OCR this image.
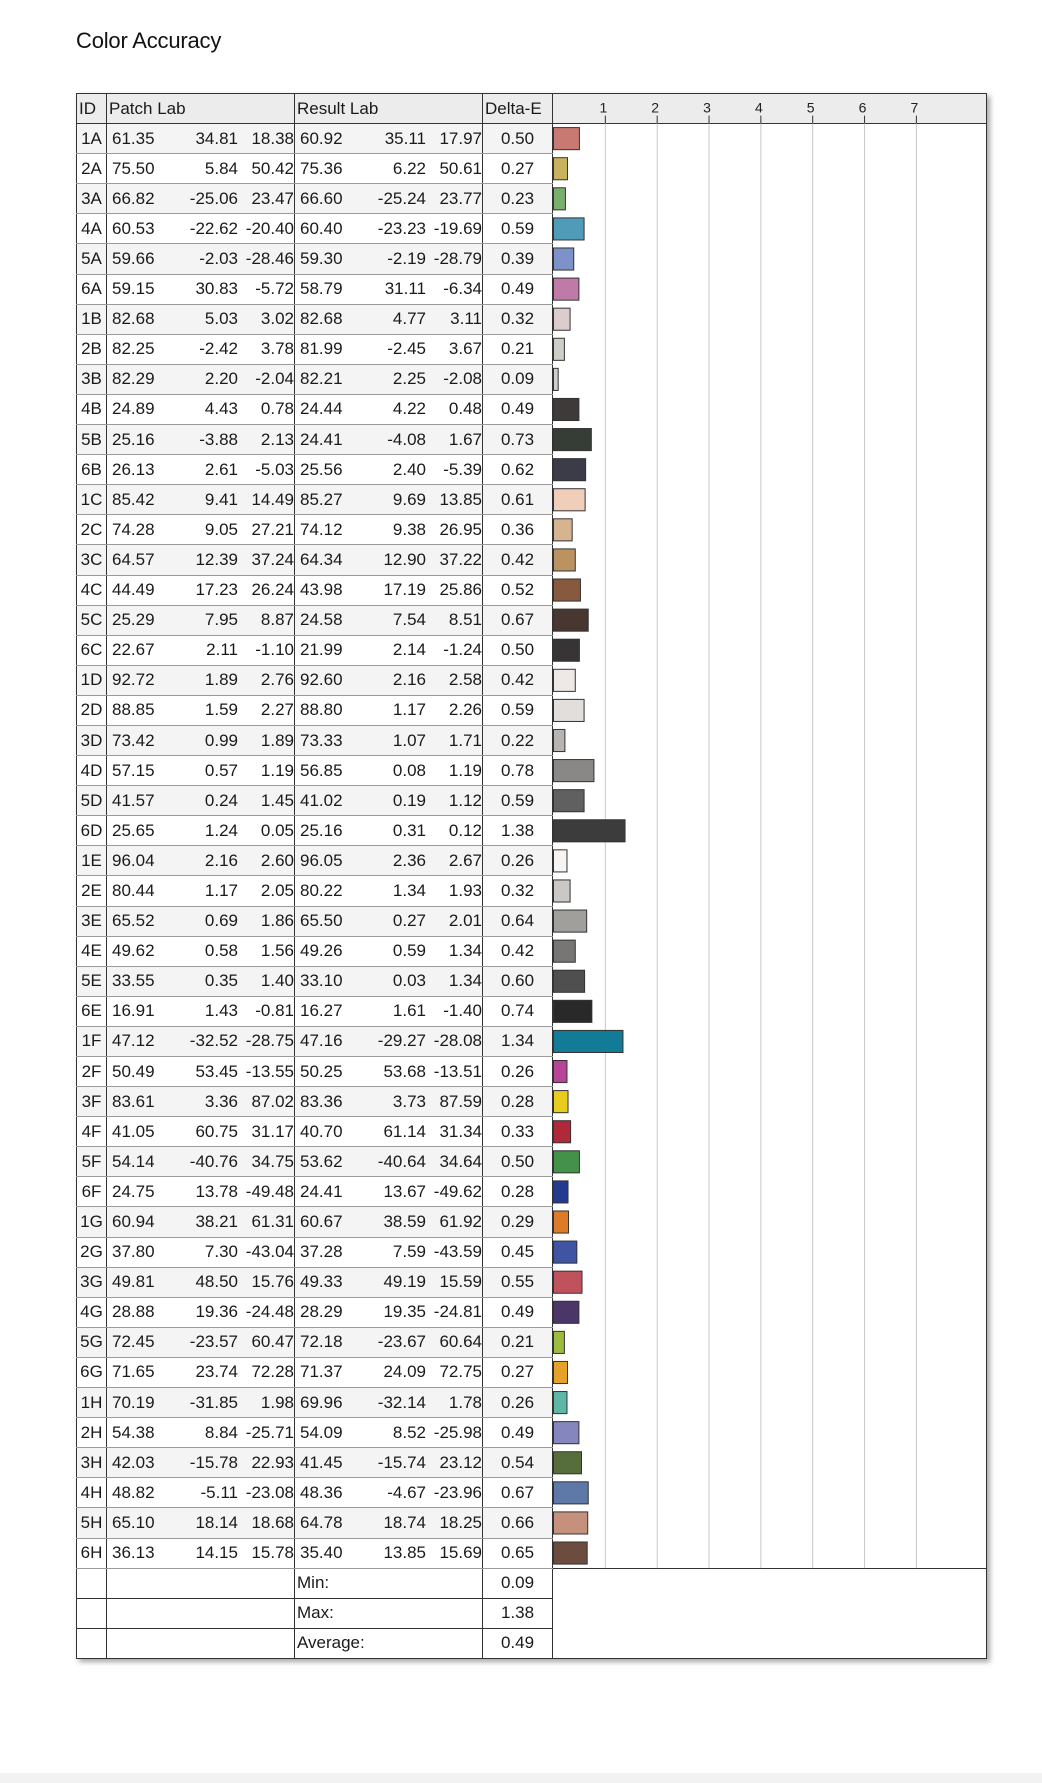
Color Accuracy
ID	Patch Lab	Result Lab	Delta-E	
1A	61.35 34.81 18.38	60.92 35.11 17.97	0.50	
2A	75.50 5.84 50.42	75.36 6.22 50.61	0.27	
3A	66.82 -25.06 23.47	66.60 -25.24 23.77	0.23	
4A	60.53 -22.62 -20.40	60.40 -23.23 -19.69	0.59	
5A	59.66 -2.03 -28.46	59.30 -2.19 -28.79	0.39	
6A	59.15 30.83 -5.72	58.79 31.11 -6.34	0.49	
1B	82.68 5.03 3.02	82.68 4.77 3.11	0.32	
2B	82.25 -2.42 3.78	81.99 -2.45 3.67	0.21	
3B	82.29 2.20 -2.04	82.21 2.25 -2.08	0.09	
4B	24.89 4.43 0.78	24.44 4.22 0.48	0.49	
5B	25.16 -3.88 2.13	24.41 -4.08 1.67	0.73	
6B	26.13 2.61 -5.03	25.56 2.40 -5.39	0.62	
1C	85.42 9.41 14.49	85.27 9.69 13.85	0.61	
2C	74.28 9.05 27.21	74.12 9.38 26.95	0.36	
3C	64.57 12.39 37.24	64.34 12.90 37.22	0.42	
4C	44.49 17.23 26.24	43.98 17.19 25.86	0.52	
5C	25.29 7.95 8.87	24.58 7.54 8.51	0.67	
6C	22.67 2.11 -1.10	21.99 2.14 -1.24	0.50	
1D	92.72 1.89 2.76	92.60 2.16 2.58	0.42	
2D	88.85 1.59 2.27	88.80 1.17 2.26	0.59	
3D	73.42 0.99 1.89	73.33 1.07 1.71	0.22	
4D	57.15 0.57 1.19	56.85 0.08 1.19	0.78	
5D	41.57 0.24 1.45	41.02 0.19 1.12	0.59	
6D	25.65 1.24 0.05	25.16 0.31 0.12	1.38	
1E	96.04 2.16 2.60	96.05 2.36 2.67	0.26	
2E	80.44 1.17 2.05	80.22 1.34 1.93	0.32	
3E	65.52 0.69 1.86	65.50 0.27 2.01	0.64	
4E	49.62 0.58 1.56	49.26 0.59 1.34	0.42	
5E	33.55 0.35 1.40	33.10 0.03 1.34	0.60	
6E	16.91 1.43 -0.81	16.27 1.61 -1.40	0.74	
1F	47.12 -32.52 -28.75	47.16 -29.27 -28.08	1.34	
2F	50.49 53.45 -13.55	50.25 53.68 -13.51	0.26	
3F	83.61 3.36 87.02	83.36 3.73 87.59	0.28	
4F	41.05 60.75 31.17	40.70 61.14 31.34	0.33	
5F	54.14 -40.76 34.75	53.62 -40.64 34.64	0.50	
6F	24.75 13.78 -49.48	24.41 13.67 -49.62	0.28	
1G	60.94 38.21 61.31	60.67 38.59 61.92	0.29	
2G	37.80 7.30 -43.04	37.28 7.59 -43.59	0.45	
3G	49.81 48.50 15.76	49.33 49.19 15.59	0.55	
4G	28.88 19.36 -24.48	28.29 19.35 -24.81	0.49	
5G	72.45 -23.57 60.47	72.18 -23.67 60.64	0.21	
6G	71.65 23.74 72.28	71.37 24.09 72.75	0.27	
1H	70.19 -31.85 1.98	69.96 -32.14 1.78	0.26	
2H	54.38 8.84 -25.71	54.09 8.52 -25.98	0.49	
3H	42.03 -15.78 22.93	41.45 -15.74 23.12	0.54	
4H	48.82 -5.11 -23.08	48.36 -4.67 -23.96	0.67	
5H	65.10 18.14 18.68	64.78 18.74 18.25	0.66	
6H	36.13 14.15 15.78	35.40 13.85 15.69	0.65	
		Min:	0.09	
		Max:	1.38	
		Average:	0.49	
1	2	3	4	5	6	7
